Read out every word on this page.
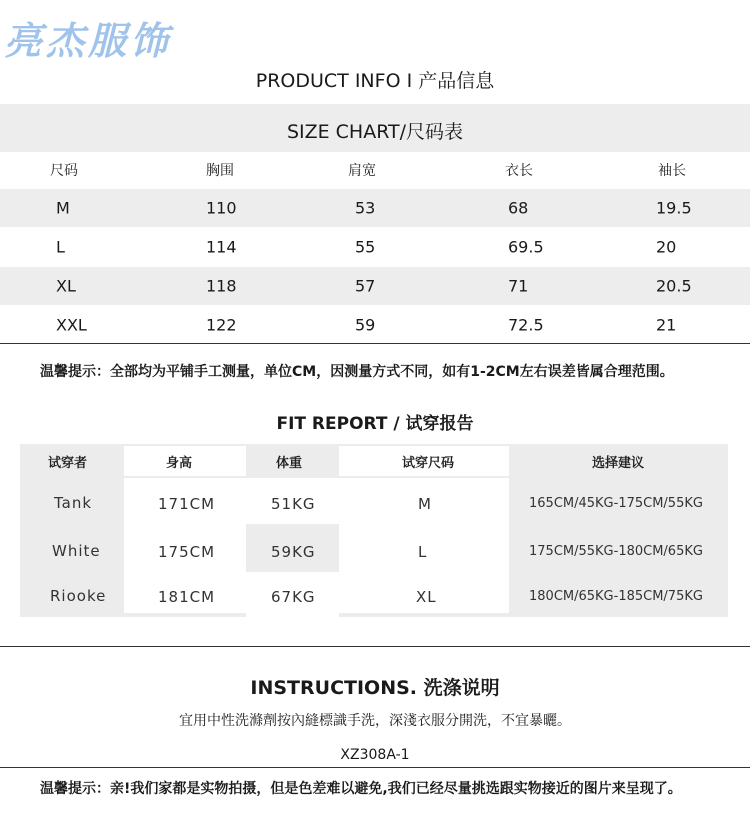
亮杰服饰
PRODUCT INFO I 产品信息
SIZE CHART/尺码表
尺码	胸围	肩宽	衣长	袖长
M	110	53	68	19.5
L	114	55	69.5	20
XL	118	57	71	20.5
XXL	122	59	72.5	21
温馨提示：全部均为平铺手工测量，单位CM，因测量方式不同，如有1-2CM左右误差皆属合理范围。
FIT REPORT / 试穿报告
试穿者	身高	体重	试穿尺码	选择建议
Tank	171CM	51KG	M	165CM/45KG-175CM/55KG
White	175CM	59KG	L	175CM/55KG-180CM/65KG
Riooke	181CM	67KG	XL	180CM/65KG-185CM/75KG
INSTRUCTIONS. 洗涤说明
宜用中性洗滌劑按內縫標識手洗，深淺衣服分開洗，不宜暴曬。
XZ308A-1
温馨提示：亲!我们家都是实物拍摄，但是色差难以避免,我们已经尽量挑选跟实物接近的图片来呈现了。
